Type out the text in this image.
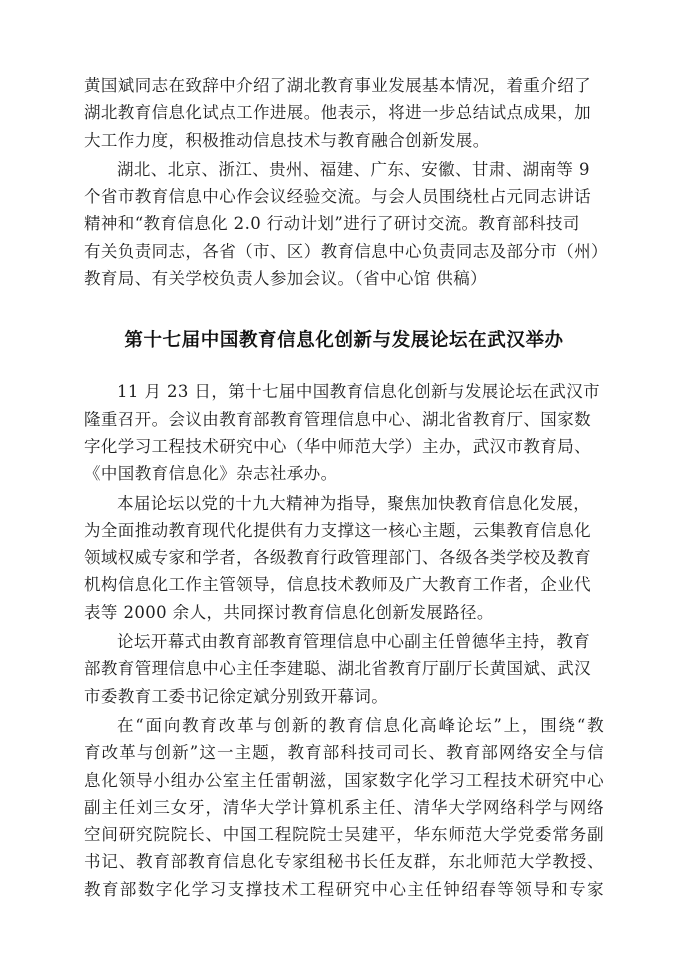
黄国斌同志在致辞中介绍了湖北教育事业发展基本情况，着重介绍了
湖北教育信息化试点工作进展。他表示，将进一步总结试点成果，加
大工作力度，积极推动信息技术与教育融合创新发展。

湖北、北京、浙江、贵州、福建、广东、安徽、甘肃、湖南等 9
个省市教育信息中心作会议经验交流。与会人员围绕杜占元同志讲话
精神和“教育信息化 2.0 行动计划”进行了研讨交流。教育部科技司
有关负责同志，各省（市、区）教育信息中心负责同志及部分市（州）
教育局、有关学校负责人参加会议。（省中心馆 供稿）

第十七届中国教育信息化创新与发展论坛在武汉举办

11 月 23 日，第十七届中国教育信息化创新与发展论坛在武汉市
隆重召开。会议由教育部教育管理信息中心、湖北省教育厅、国家数
字化学习工程技术研究中心（华中师范大学）主办，武汉市教育局、
《中国教育信息化》杂志社承办。

本届论坛以党的十九大精神为指导，聚焦加快教育信息化发展，
为全面推动教育现代化提供有力支撑这一核心主题，云集教育信息化
领域权威专家和学者，各级教育行政管理部门、各级各类学校及教育
机构信息化工作主管领导，信息技术教师及广大教育工作者，企业代
表等 2000 余人，共同探讨教育信息化创新发展路径。

论坛开幕式由教育部教育管理信息中心副主任曾德华主持，教育
部教育管理信息中心主任李建聪、湖北省教育厅副厅长黄国斌、武汉
市委教育工委书记徐定斌分别致开幕词。

在“面向教育改革与创新的教育信息化高峰论坛”上，围绕“教
育改革与创新”这一主题，教育部科技司司长、教育部网络安全与信
息化领导小组办公室主任雷朝滋，国家数字化学习工程技术研究中心
副主任刘三女牙，清华大学计算机系主任、清华大学网络科学与网络
空间研究院院长、中国工程院院士吴建平，华东师范大学党委常务副
书记、教育部教育信息化专家组秘书长任友群，东北师范大学教授、
教育部数字化学习支撑技术工程研究中心主任钟绍春等领导和专家
